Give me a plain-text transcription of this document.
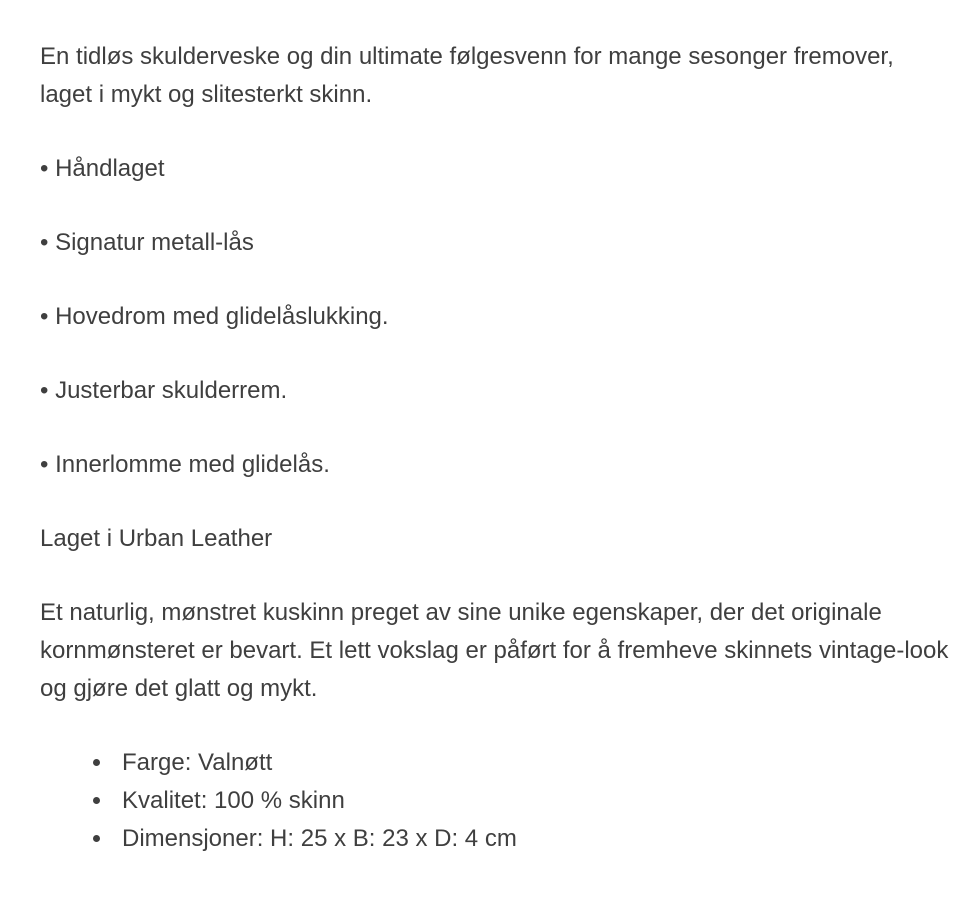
En tidløs skulderveske og din ultimate følgesvenn for mange sesonger fremover, laget i mykt og slitesterkt skinn.

• Håndlaget

• Signatur metall-lås

• Hovedrom med glidelåslukking.

• Justerbar skulderrem.

• Innerlomme med glidelås.

Laget i Urban Leather

Et naturlig, mønstret kuskinn preget av sine unike egenskaper, der det originale kornmønsteret er bevart. Et lett vokslag er påført for å fremheve skinnets vintage-look og gjøre det glatt og mykt.

• Farge: Valnøtt
• Kvalitet: 100 % skinn
• Dimensjoner: H: 25 x B: 23 x D: 4 cm
